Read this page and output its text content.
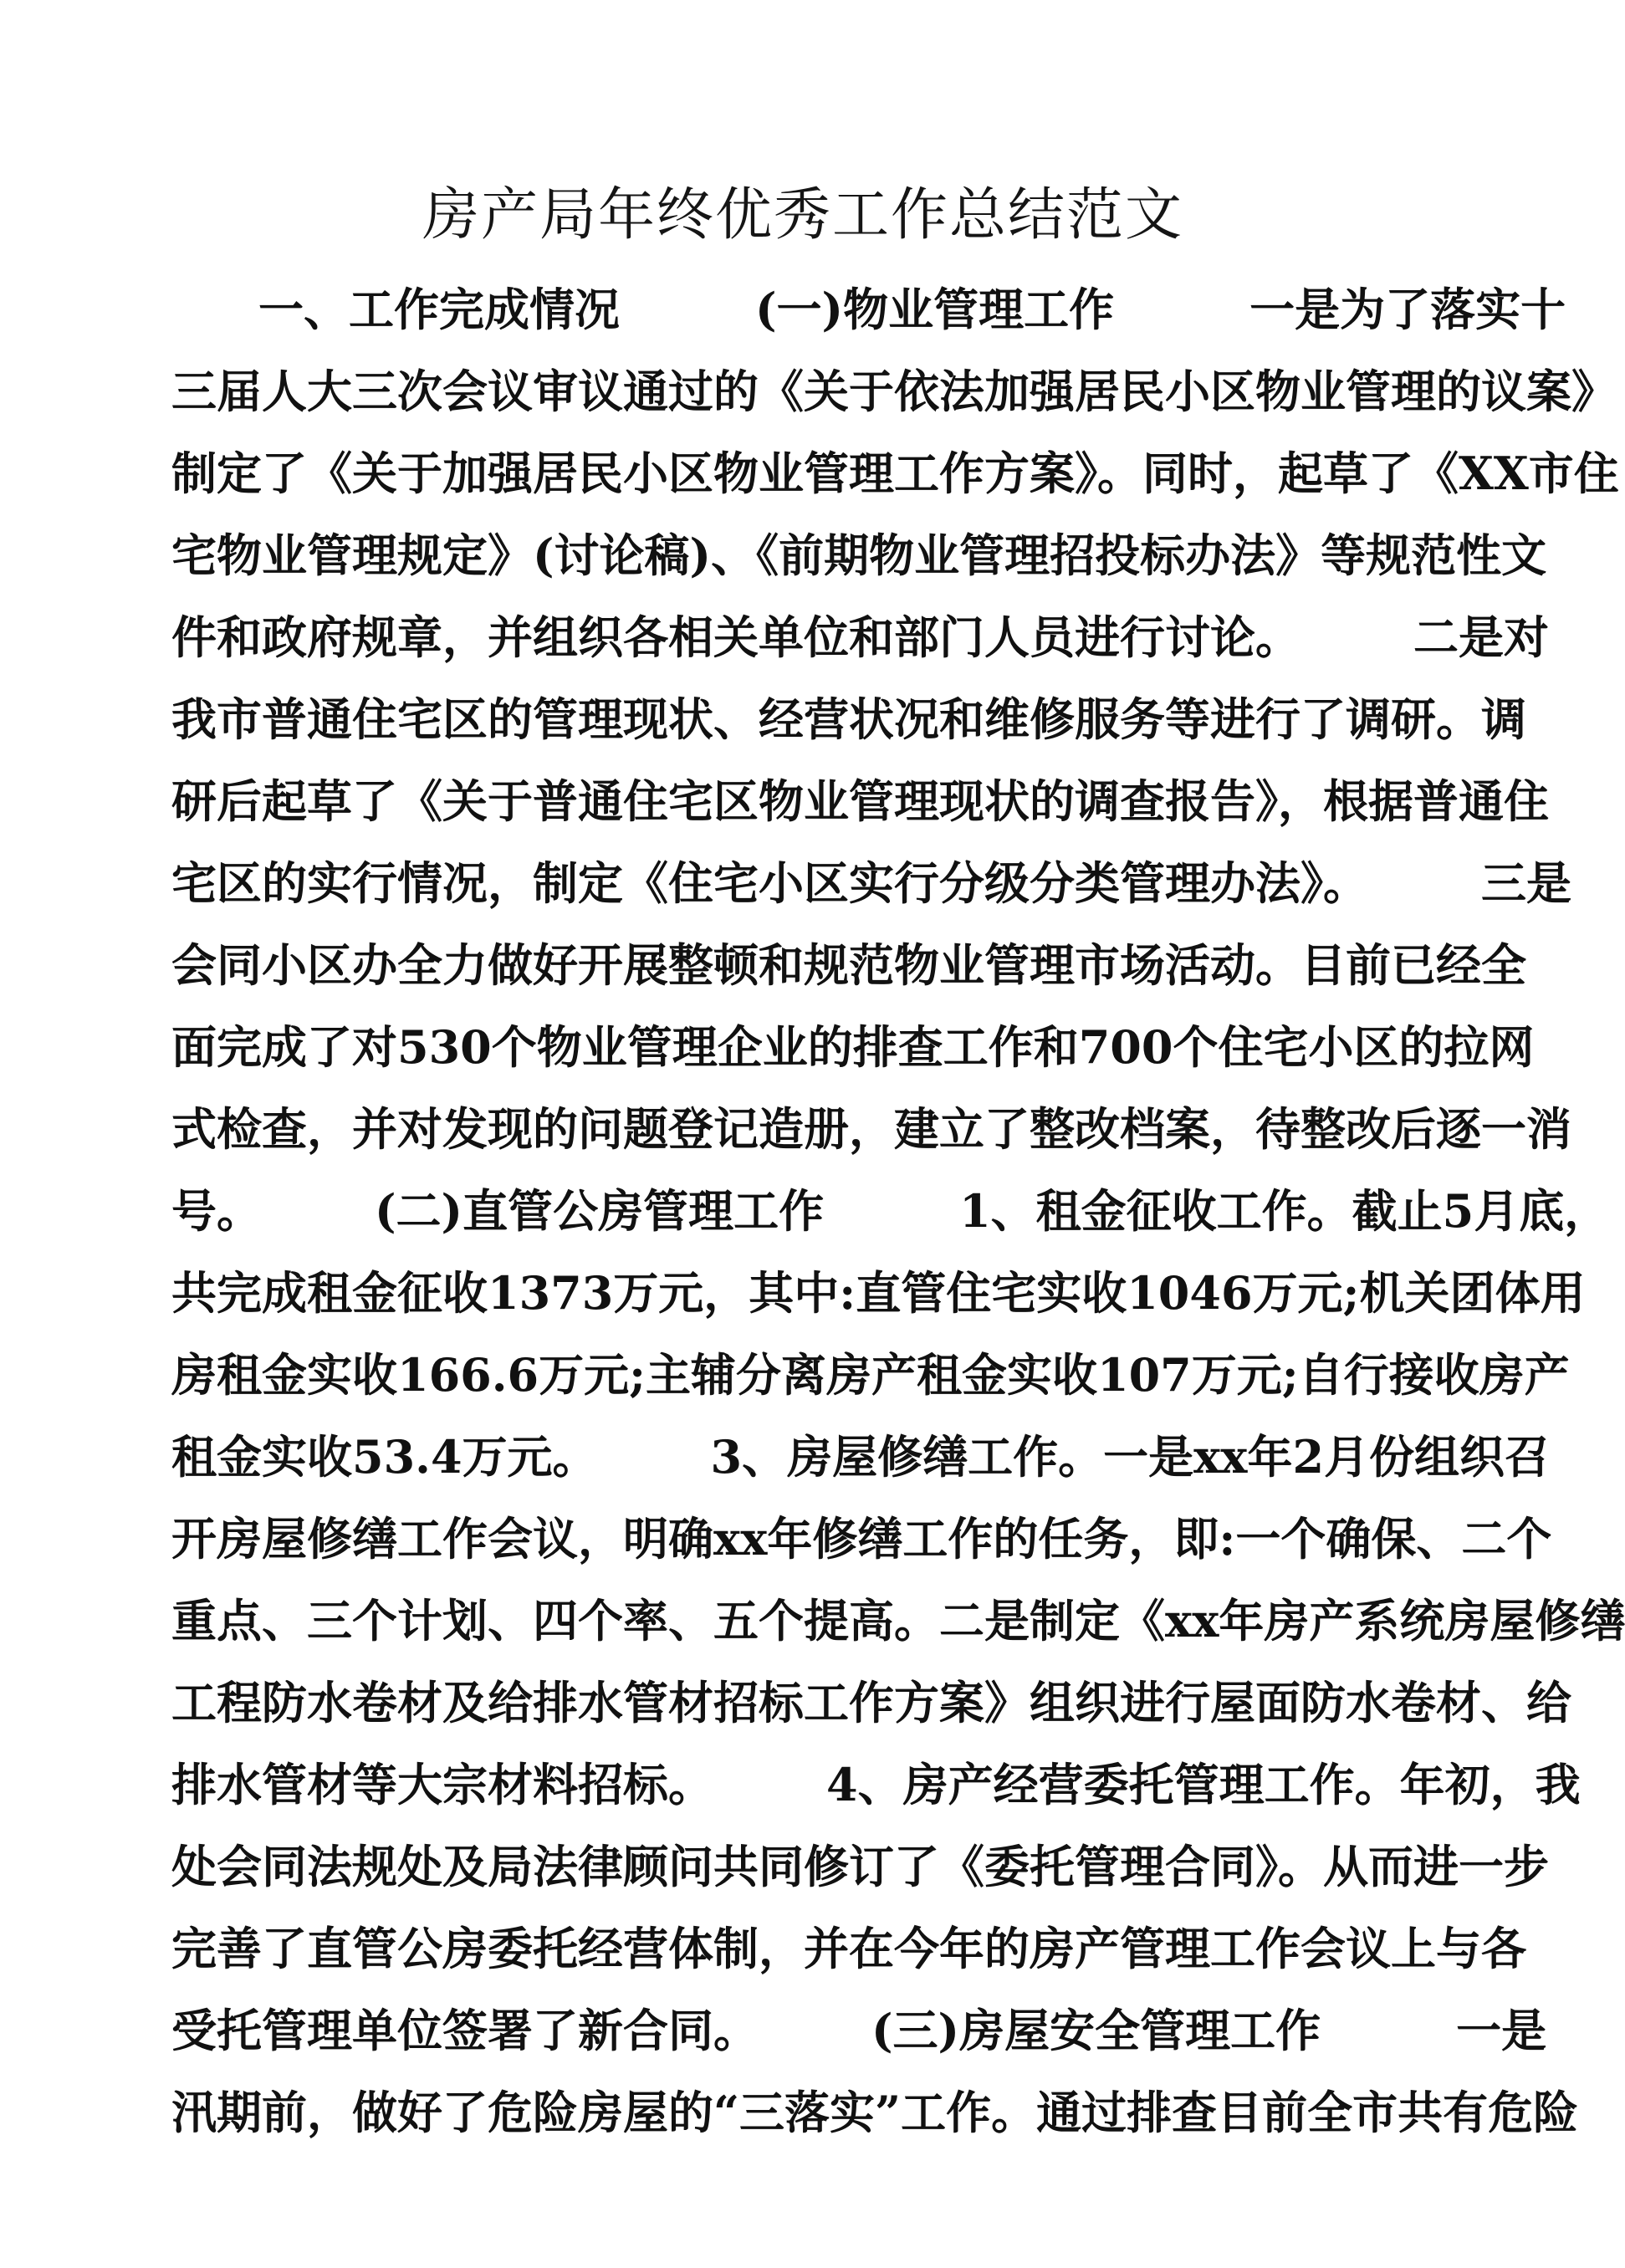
房产局年终优秀工作总结范文
一、工作完成情况　　　(一)物业管理工作　　　一是为了落实十
三届人大三次会议审议通过的《关于依法加强居民小区物业管理的议案》
制定了《关于加强居民小区物业管理工作方案》。同时，起草了《XX市住
宅物业管理规定》(讨论稿)、《前期物业管理招投标办法》等规范性文
件和政府规章，并组织各相关单位和部门人员进行讨论。　　　二是对
我市普通住宅区的管理现状、经营状况和维修服务等进行了调研。调
研后起草了《关于普通住宅区物业管理现状的调查报告》，根据普通住
宅区的实行情况，制定《住宅小区实行分级分类管理办法》。　　　三是
会同小区办全力做好开展整顿和规范物业管理市场活动。目前已经全
面完成了对530个物业管理企业的排查工作和700个住宅小区的拉网
式检查，并对发现的问题登记造册，建立了整改档案，待整改后逐一消
号。　　　(二)直管公房管理工作　　　1、租金征收工作。截止5月底，
共完成租金征收1373万元，其中:直管住宅实收1046万元;机关团体用
房租金实收166.6万元;主辅分离房产租金实收107万元;自行接收房产
租金实收53.4万元。　　　3、房屋修缮工作。一是xx年2月份组织召
开房屋修缮工作会议，明确xx年修缮工作的任务，即:一个确保、二个
重点、三个计划、四个率、五个提高。二是制定《xx年房产系统房屋修缮
工程防水卷材及给排水管材招标工作方案》组织进行屋面防水卷材、给
排水管材等大宗材料招标。　　　4、房产经营委托管理工作。年初，我
处会同法规处及局法律顾问共同修订了《委托管理合同》。从而进一步
完善了直管公房委托经营体制，并在今年的房产管理工作会议上与各
受托管理单位签署了新合同。　　　(三)房屋安全管理工作　　　一是
汛期前，做好了危险房屋的“三落实”工作。通过排查目前全市共有危险
